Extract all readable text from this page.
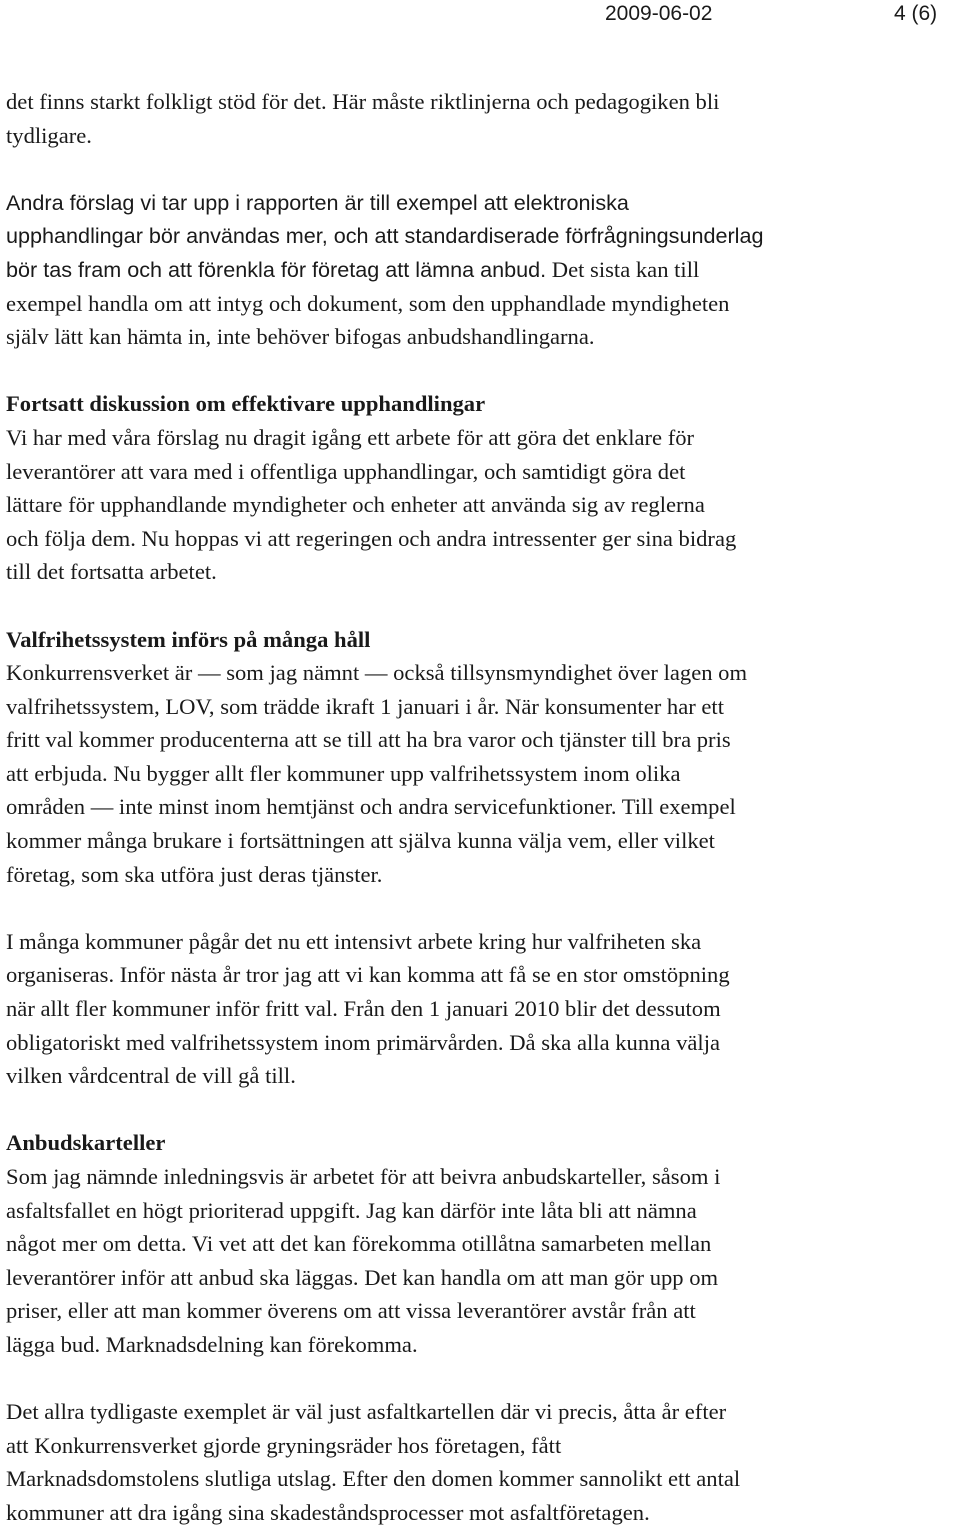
2009-06-02	4 (6)

det finns starkt folkligt stöd för det. Här måste riktlinjerna och pedagogiken bli
tydligare.

Andra förslag vi tar upp i rapporten är till exempel att elektroniska
upphandlingar bör användas mer, och att standardiserade förfrågningsunderlag
bör tas fram och att förenkla för företag att lämna anbud. Det sista kan till
exempel handla om att intyg och dokument, som den upphandlade myndigheten
själv lätt kan hämta in, inte behöver bifogas anbudshandlingarna.

Fortsatt diskussion om effektivare upphandlingar

Vi har med våra förslag nu dragit igång ett arbete för att göra det enklare för
leverantörer att vara med i offentliga upphandlingar, och samtidigt göra det
lättare för upphandlande myndigheter och enheter att använda sig av reglerna
och följa dem. Nu hoppas vi att regeringen och andra intressenter ger sina bidrag
till det fortsatta arbetet.

Valfrihetssystem införs på många håll

Konkurrensverket är — som jag nämnt — också tillsynsmyndighet över lagen om
valfrihetssystem, LOV, som trädde ikraft 1 januari i år. När konsumenter har ett
fritt val kommer producenterna att se till att ha bra varor och tjänster till bra pris
att erbjuda. Nu bygger allt fler kommuner upp valfrihetssystem inom olika
områden — inte minst inom hemtjänst och andra servicefunktioner. Till exempel
kommer många brukare i fortsättningen att själva kunna välja vem, eller vilket
företag, som ska utföra just deras tjänster.

I många kommuner pågår det nu ett intensivt arbete kring hur valfriheten ska
organiseras. Inför nästa år tror jag att vi kan komma att få se en stor omstöpning
när allt fler kommuner inför fritt val. Från den 1 januari 2010 blir det dessutom
obligatoriskt med valfrihetssystem inom primärvården. Då ska alla kunna välja
vilken vårdcentral de vill gå till.

Anbudskarteller

Som jag nämnde inledningsvis är arbetet för att beivra anbudskarteller, såsom i
asfaltsfallet en högt prioriterad uppgift. Jag kan därför inte låta bli att nämna
något mer om detta. Vi vet att det kan förekomma otillåtna samarbeten mellan
leverantörer inför att anbud ska läggas. Det kan handla om att man gör upp om
priser, eller att man kommer överens om att vissa leverantörer avstår från att
lägga bud. Marknadsdelning kan förekomma.

Det allra tydligaste exemplet är väl just asfaltkartellen där vi precis, åtta år efter
att Konkurrensverket gjorde gryningsräder hos företagen, fått
Marknadsdomstolens slutliga utslag. Efter den domen kommer sannolikt ett antal
kommuner att dra igång sina skadeståndsprocesser mot asfaltföretagen.
